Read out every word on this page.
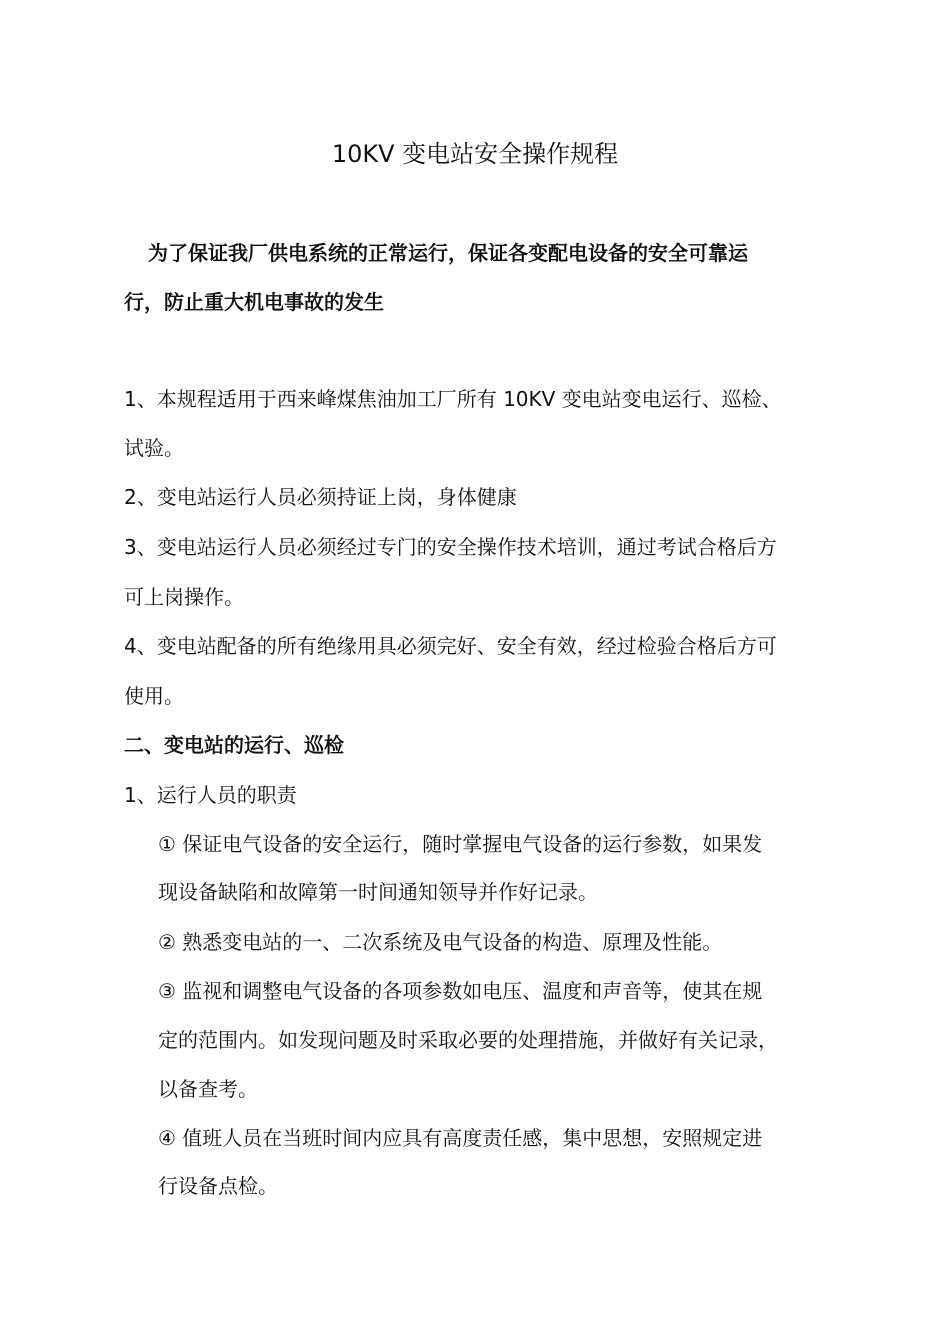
10KV 变电站安全操作规程

为了保证我厂供电系统的正常运行，保证各变配电设备的安全可靠运

行，防止重大机电事故的发生

1、本规程适用于西来峰煤焦油加工厂所有 10KV 变电站变电运行、巡检、

试验。

2、变电站运行人员必须持证上岗，身体健康

3、变电站运行人员必须经过专门的安全操作技术培训，通过考试合格后方

可上岗操作。

4、变电站配备的所有绝缘用具必须完好、安全有效，经过检验合格后方可

使用。

二、变电站的运行、巡检

1、运行人员的职责

① 保证电气设备的安全运行，随时掌握电气设备的运行参数，如果发

现设备缺陷和故障第一时间通知领导并作好记录。

② 熟悉变电站的一、二次系统及电气设备的构造、原理及性能。

③ 监视和调整电气设备的各项参数如电压、温度和声音等，使其在规

定的范围内。如发现问题及时采取必要的处理措施，并做好有关记录，

以备查考。

④ 值班人员在当班时间内应具有高度责任感，集中思想，安照规定进

行设备点检。
